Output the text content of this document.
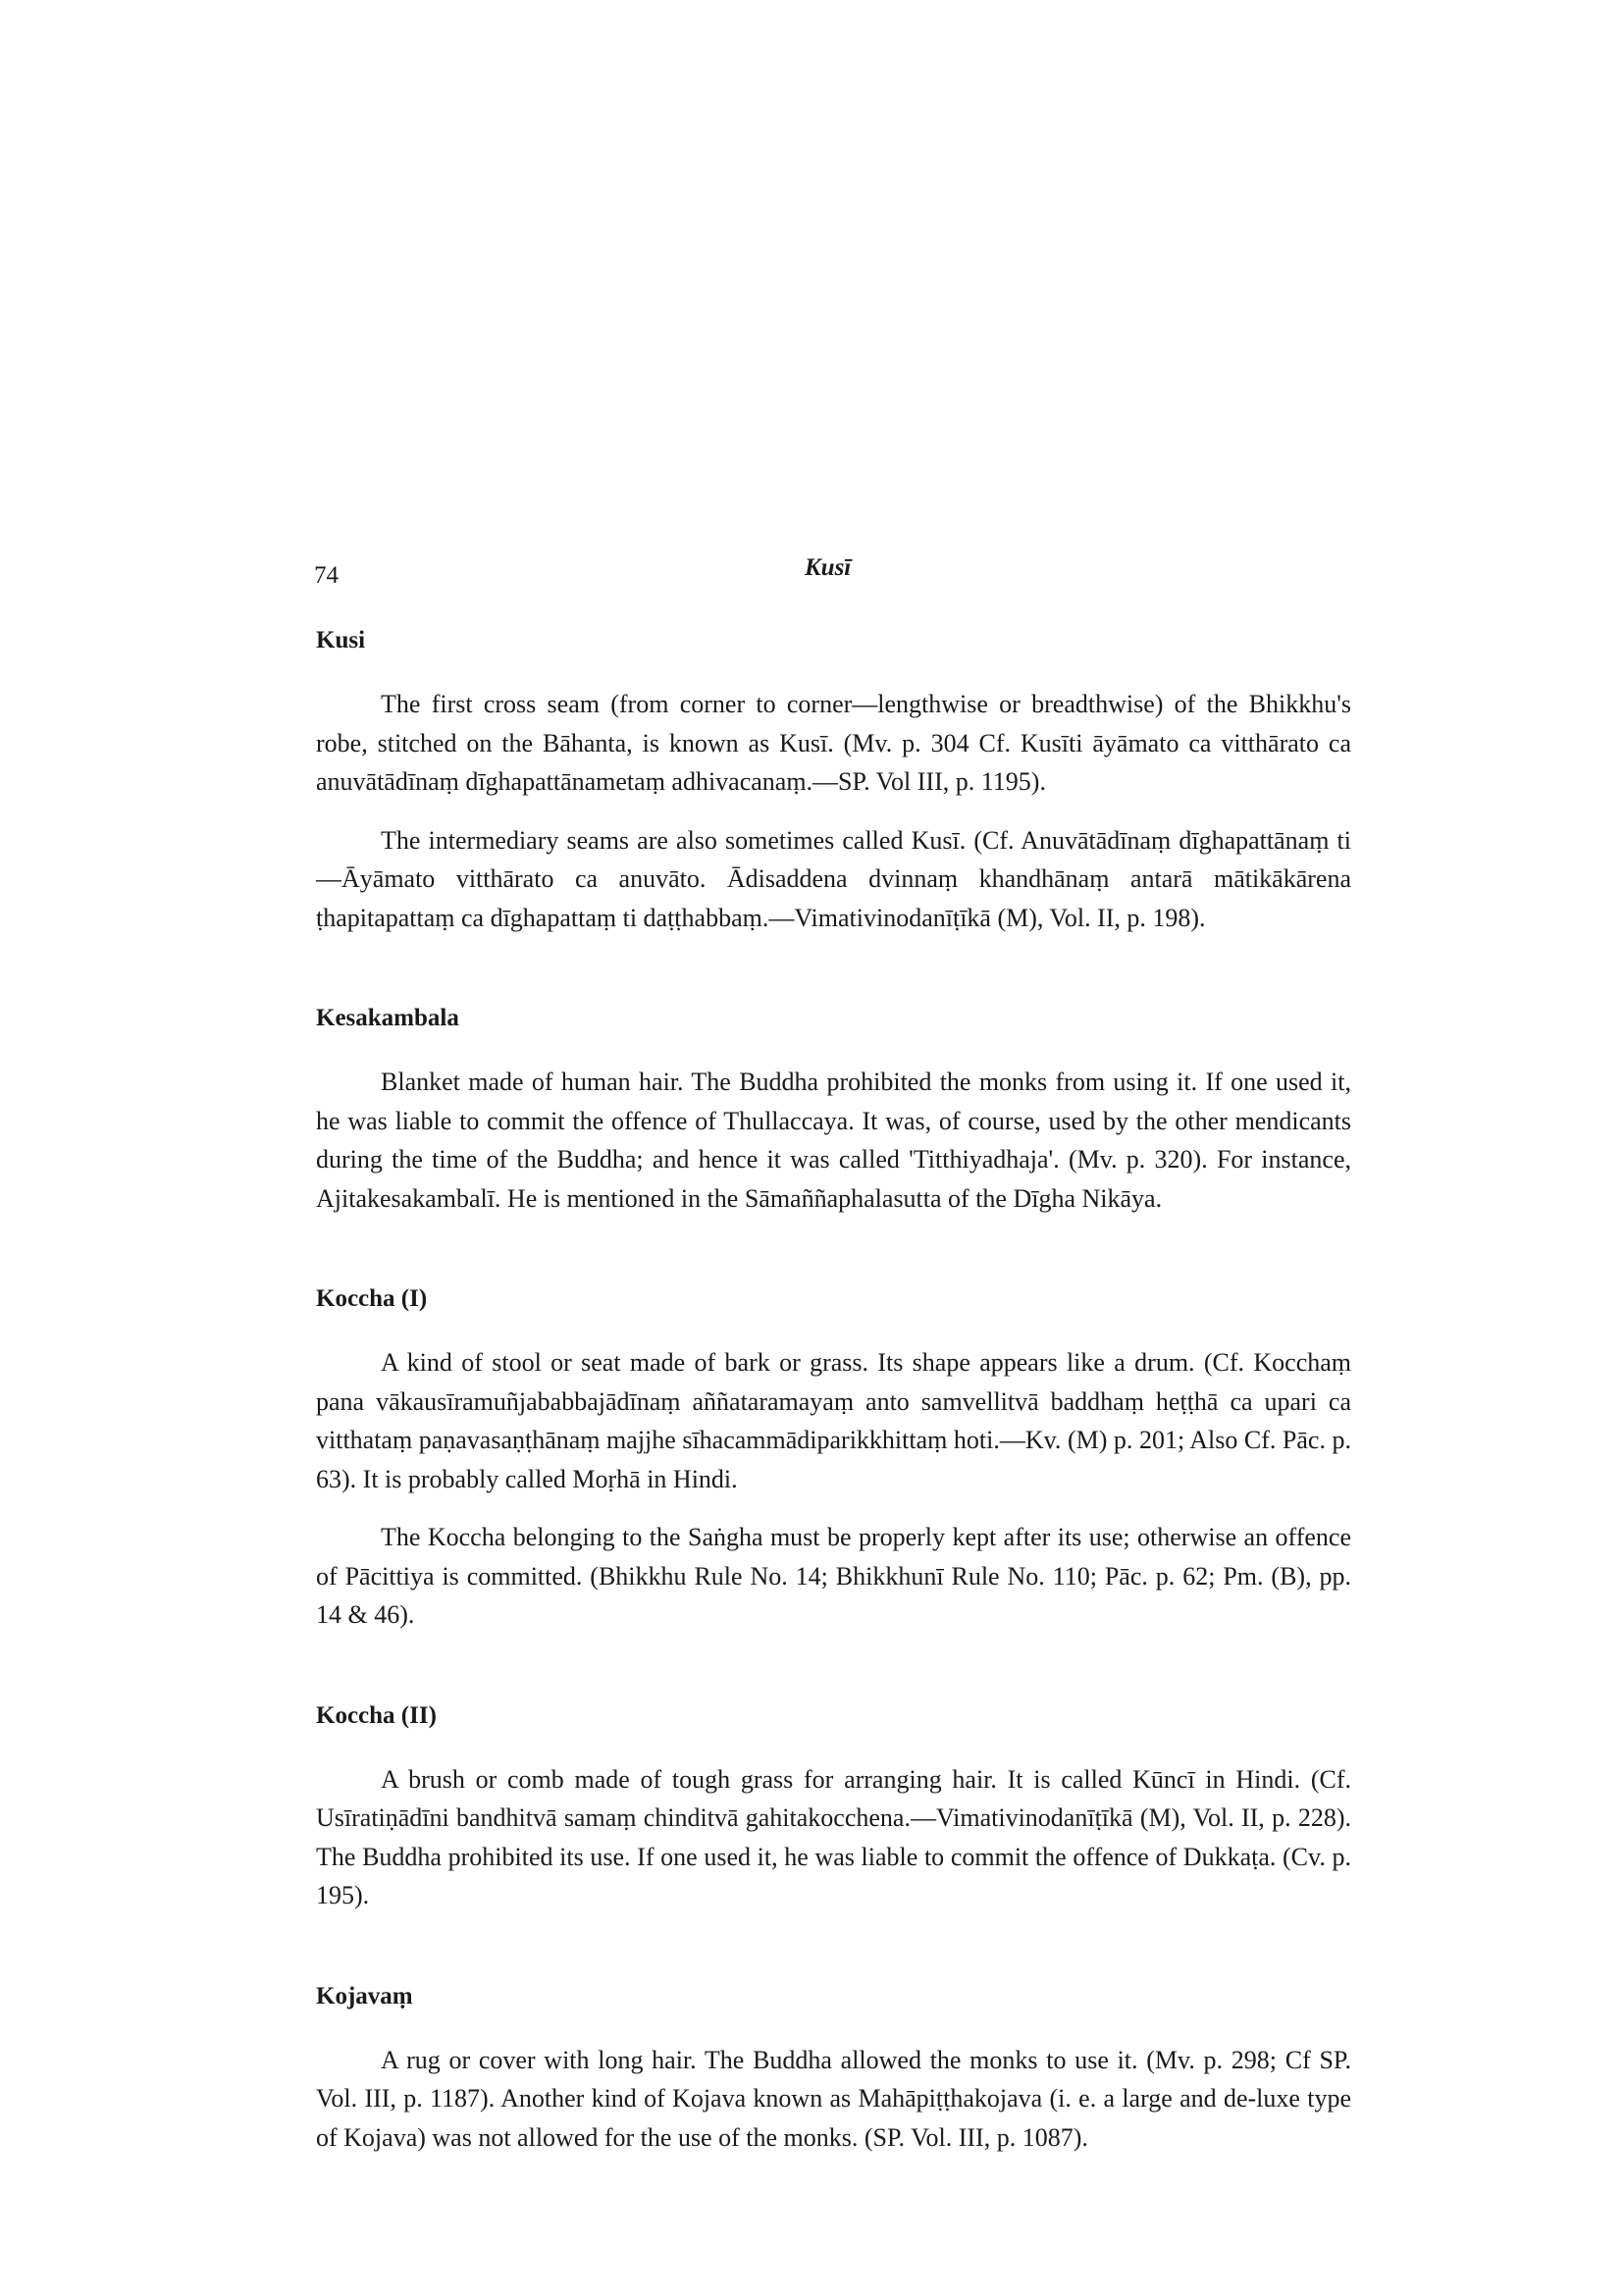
74	Kusī
Kusi

The first cross seam (from corner to corner—lengthwise or breadthwise) of the Bhikkhu's robe, stitched on the Bāhanta, is known as Kusī. (Mv. p. 304 Cf. Kusīti āyāmato ca vitthārato ca anuvātādīnaṃ dīghapattānametaṃ adhivacanaṃ.—SP. Vol III, p. 1195).

The intermediary seams are also sometimes called Kusī. (Cf. Anuvātādīnaṃ dīghapattānaṃ ti—Āyāmato vitthārato ca anuvāto. Ādisaddena dvinnaṃ khandhānaṃ antarā mātikākārena ṭhapitapattaṃ ca dīghapattaṃ ti daṭṭhabbaṃ.—Vimativinodanīṭīkā (M), Vol. II, p. 198).

Kesakambala

Blanket made of human hair. The Buddha prohibited the monks from using it. If one used it, he was liable to commit the offence of Thullaccaya. It was, of course, used by the other mendicants during the time of the Buddha; and hence it was called 'Titthiyadhaja'. (Mv. p. 320). For instance, Ajitakesakambalī. He is mentioned in the Sāmaññaphalasutta of the Dīgha Nikāya.

Koccha (I)

A kind of stool or seat made of bark or grass. Its shape appears like a drum. (Cf. Kocchaṃ pana vākausīramuñjababbajādīnaṃ aññataramayaṃ anto samvellitvā baddhaṃ heṭṭhā ca upari ca vitthataṃ paṇavasaṇṭhānaṃ majjhe sīhacammādiparikkhittaṃ hoti.—Kv. (M) p. 201; Also Cf. Pāc. p. 63). It is probably called Moṛhā in Hindi.

The Koccha belonging to the Saṅgha must be properly kept after its use; otherwise an offence of Pācittiya is committed. (Bhikkhu Rule No. 14; Bhikkhunī Rule No. 110; Pāc. p. 62; Pm. (B), pp. 14 & 46).

Koccha (II)

A brush or comb made of tough grass for arranging hair. It is called Kūncī in Hindi. (Cf. Usīratiṇādīni bandhitvā samaṃ chinditvā gahitakocchena.—Vimativinodanīṭīkā (M), Vol. II, p. 228). The Buddha prohibited its use. If one used it, he was liable to commit the offence of Dukkaṭa. (Cv. p. 195).

Kojavaṃ

A rug or cover with long hair. The Buddha allowed the monks to use it. (Mv. p. 298; Cf SP. Vol. III, p. 1187). Another kind of Kojava known as Mahāpiṭṭhakojava (i. e. a large and de-luxe type of Kojava) was not allowed for the use of the monks. (SP. Vol. III, p. 1087).
